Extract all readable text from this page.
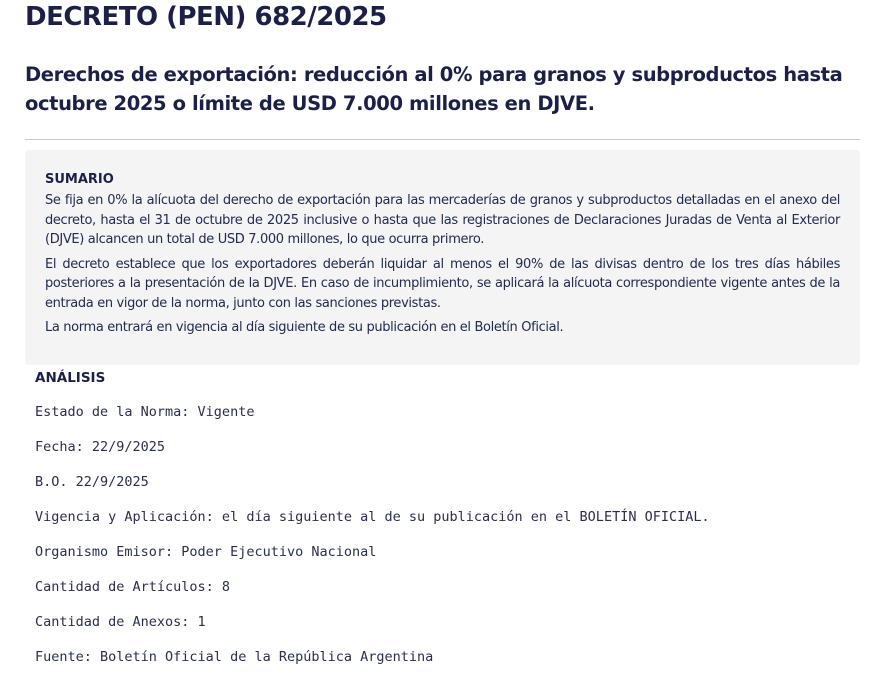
DECRETO (PEN) 682/2025
Derechos de exportación: reducción al 0% para granos y subproductos hasta octubre 2025 o límite de USD 7.000 millones en DJVE.
SUMARIO

Se fija en 0% la alícuota del derecho de exportación para las mercaderías de granos y subproductos detalladas en el anexo del decreto, hasta el 31 de octubre de 2025 inclusive o hasta que las registraciones de Declaraciones Juradas de Venta al Exterior (DJVE) alcancen un total de USD 7.000 millones, lo que ocurra primero.

El decreto establece que los exportadores deberán liquidar al menos el 90% de las divisas dentro de los tres días hábiles posteriores a la presentación de la DJVE. En caso de incumplimiento, se aplicará la alícuota correspondiente vigente antes de la entrada en vigor de la norma, junto con las sanciones previstas.

La norma entrará en vigencia al día siguiente de su publicación en el Boletín Oficial.

ANÁLISIS

Estado de la Norma: Vigente

Fecha: 22/9/2025

B.O. 22/9/2025

Vigencia y Aplicación: el día siguiente al de su publicación en el BOLETÍN OFICIAL.

Organismo Emisor: Poder Ejecutivo Nacional

Cantidad de Artículos: 8

Cantidad de Anexos: 1

Fuente: Boletín Oficial de la República Argentina
